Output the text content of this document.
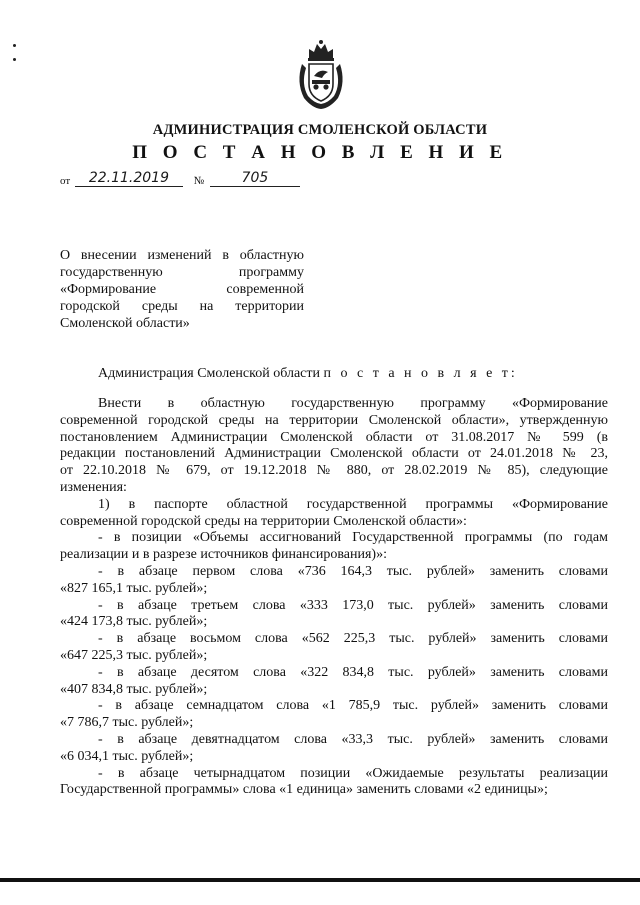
АДМИНИСТРАЦИЯ СМОЛЕНСКОЙ ОБЛАСТИ
П О С Т А Н О В Л Е Н И Е
от 22.11.2019 №	705
О внесении изменений в областную
государственную программу
«Формирование современной
городской среды на территории
Смоленской области»
Администрация Смоленской области п о с т а н о в л я е т:
Внести в областную государственную программу «Формирование
современной городской среды на территории Смоленской области», утвержденную
постановлением Администрации Смоленской области от 31.08.2017 № 599 (в
редакции постановлений Администрации Смоленской области от 24.01.2018 № 23,
от 22.10.2018 № 679, от 19.12.2018 № 880, от 28.02.2019 № 85), следующие
изменения:
1) в паспорте областной государственной программы «Формирование
современной городской среды на территории Смоленской области»:
- в позиции «Объемы ассигнований Государственной программы (по годам
реализации и в разрезе источников финансирования)»:
- в абзаце первом слова «736 164,3 тыс. рублей» заменить словами
«827 165,1 тыс. рублей»;
- в абзаце третьем слова «333 173,0 тыс. рублей» заменить словами
«424 173,8 тыс. рублей»;
- в абзаце восьмом слова «562 225,3 тыс. рублей» заменить словами
«647 225,3 тыс. рублей»;
- в абзаце десятом слова «322 834,8 тыс. рублей» заменить словами
«407 834,8 тыс. рублей»;
- в абзаце семнадцатом слова «1 785,9 тыс. рублей» заменить словами
«7 786,7 тыс. рублей»;
- в абзаце девятнадцатом слова «33,3 тыс. рублей» заменить словами
«6 034,1 тыс. рублей»;
- в абзаце четырнадцатом позиции «Ожидаемые результаты реализации
Государственной программы» слова «1 единица» заменить словами «2 единицы»;
